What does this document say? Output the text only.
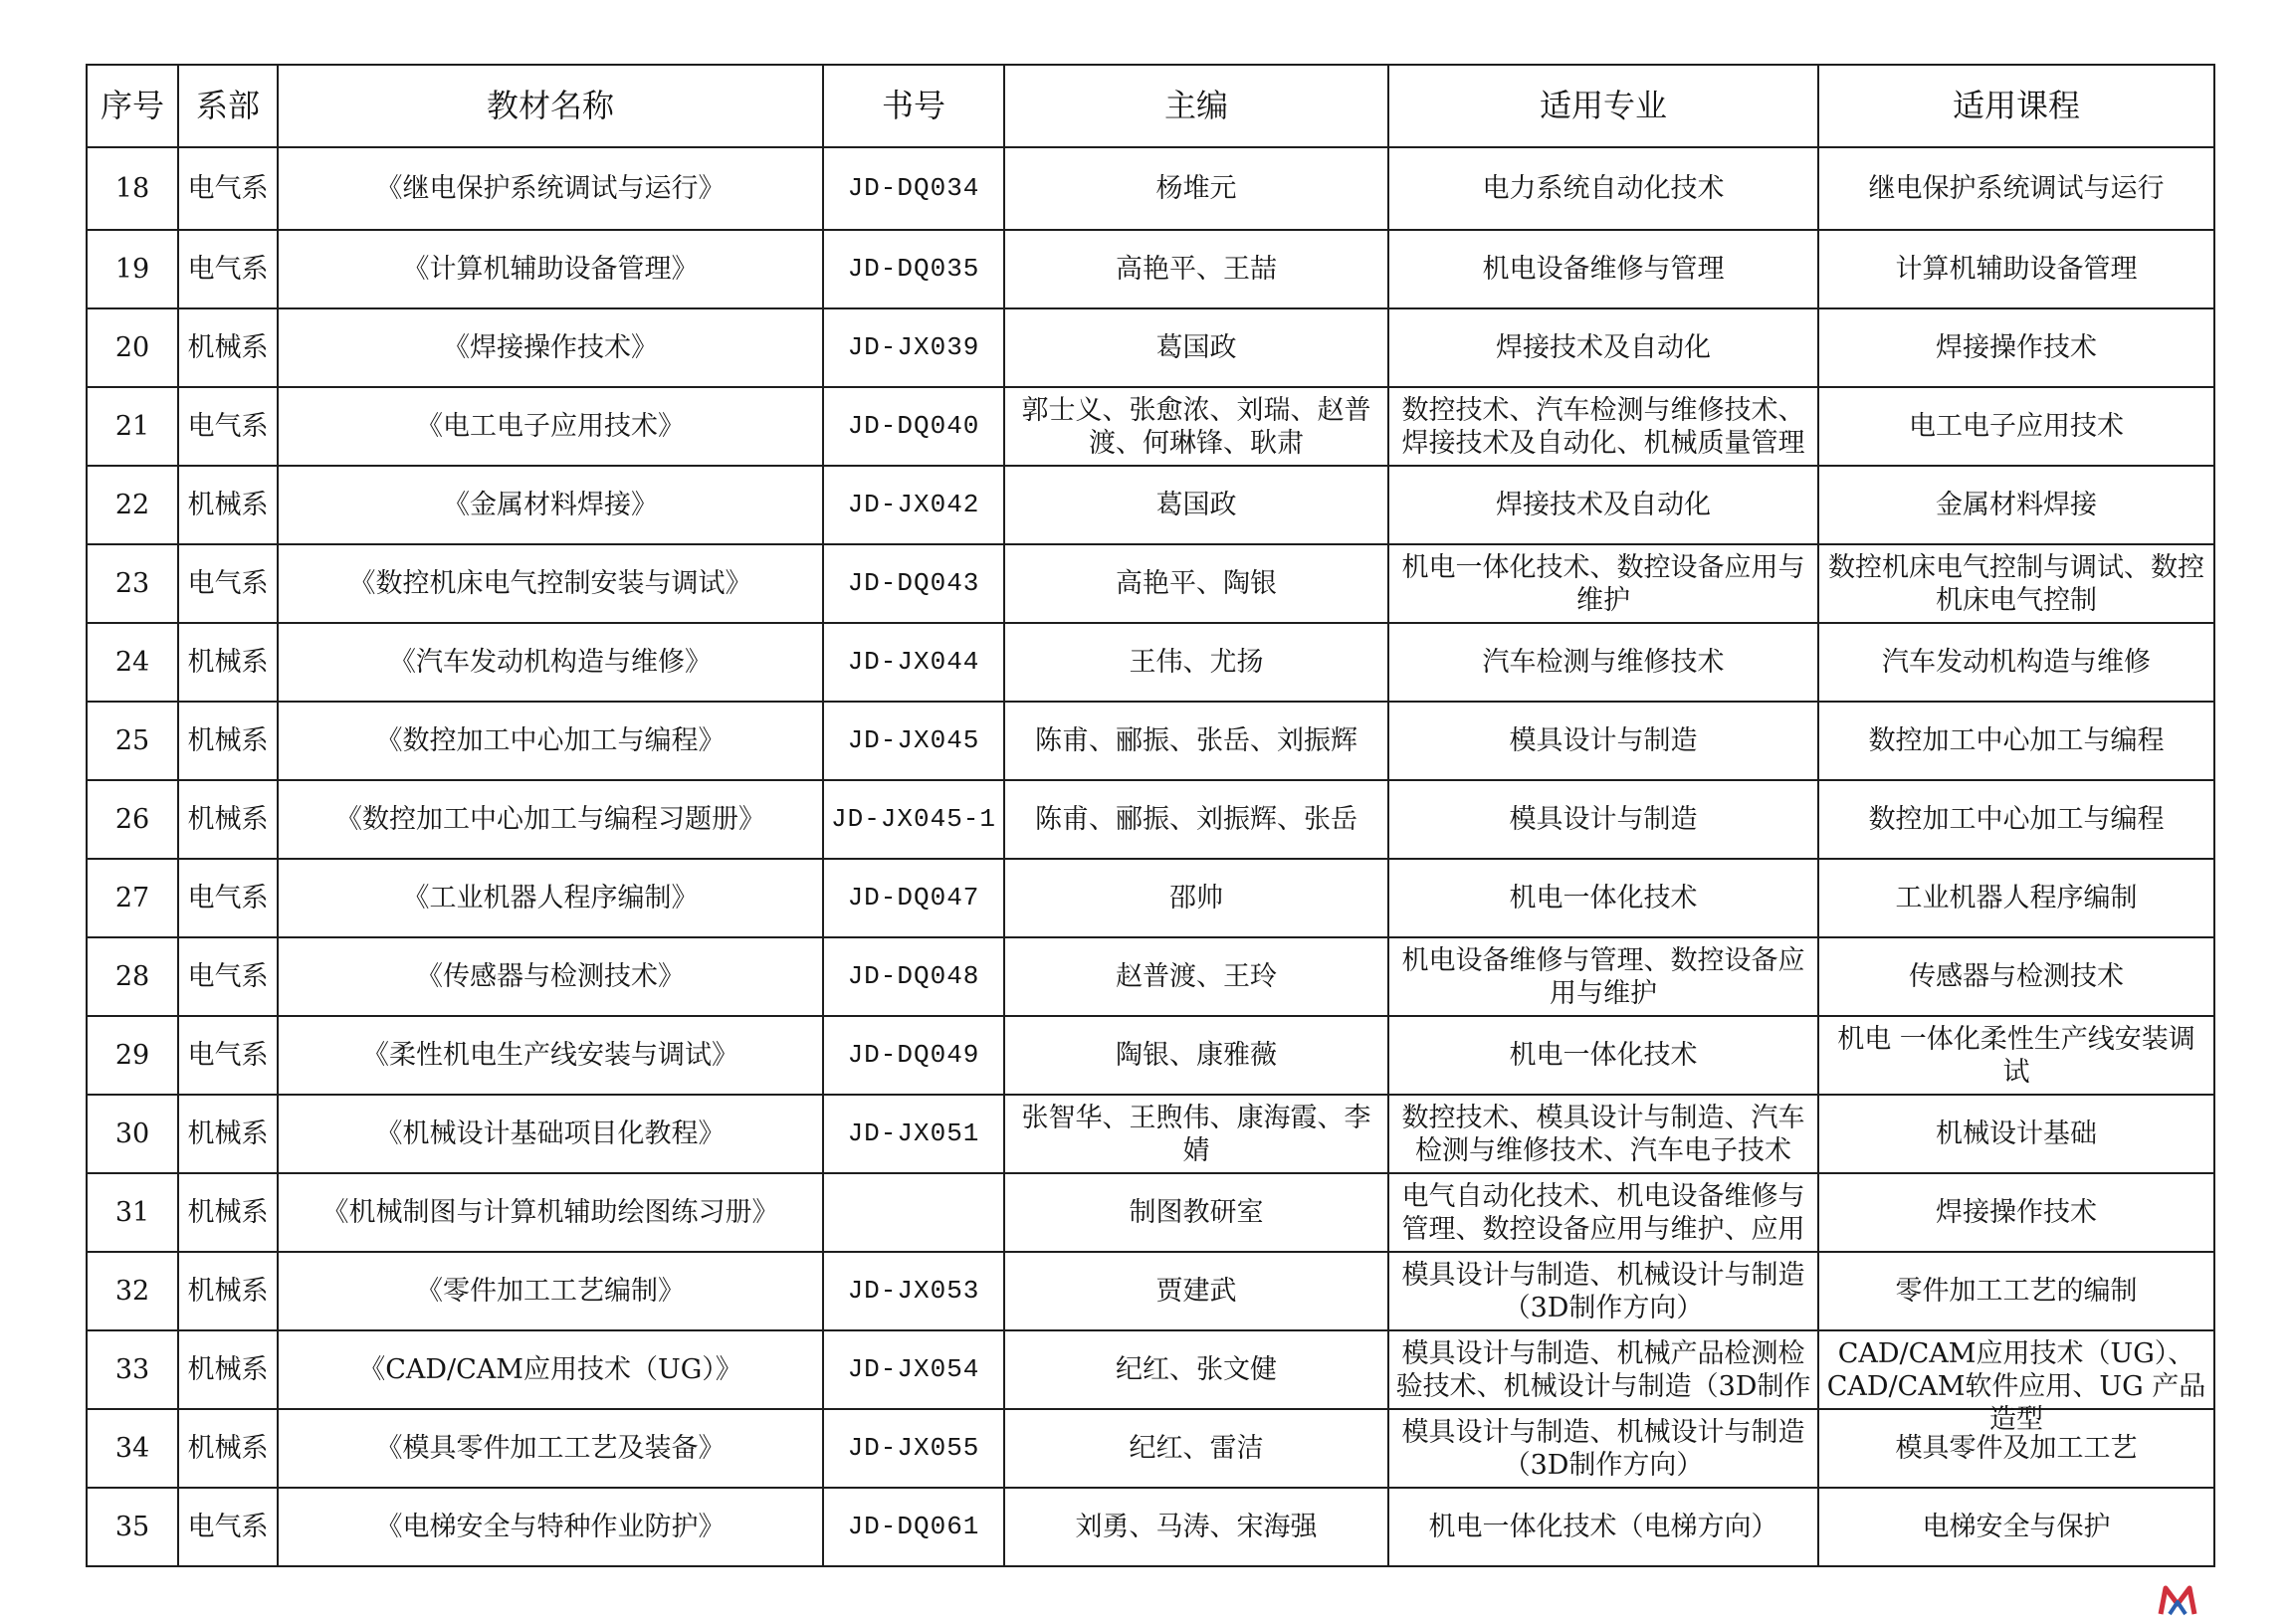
序号	系部	教材名称	书号	主编	适用专业	适用课程

18	电气系	《继电保护系统调试与运行》	JD-DQ034	杨堆元	电力系统自动化技术	继电保护系统调试与运行

19	电气系	《计算机辅助设备管理》	JD-DQ035	高艳平、王喆	机电设备维修与管理	计算机辅助设备管理

20	机械系	《焊接操作技术》	JD-JX039	葛国政	焊接技术及自动化	焊接操作技术

21	电气系	《电工电子应用技术》	JD-DQ040	郭士义、张愈浓、刘瑞、赵普渡、何琳锋、耿肃	数控技术、汽车检测与维修技术、焊接技术及自动化、机械质量管理	电工电子应用技术

22	机械系	《金属材料焊接》	JD-JX042	葛国政	焊接技术及自动化	金属材料焊接

23	电气系	《数控机床电气控制安装与调试》	JD-DQ043	高艳平、陶银	机电一体化技术、数控设备应用与维护	数控机床电气控制与调试、数控机床电气控制

24	机械系	《汽车发动机构造与维修》	JD-JX044	王伟、尤扬	汽车检测与维修技术	汽车发动机构造与维修

25	机械系	《数控加工中心加工与编程》	JD-JX045	陈甫、郦振、张岳、刘振辉	模具设计与制造	数控加工中心加工与编程

26	机械系	《数控加工中心加工与编程习题册》	JD-JX045-1	陈甫、郦振、刘振辉、张岳	模具设计与制造	数控加工中心加工与编程

27	电气系	《工业机器人程序编制》	JD-DQ047	邵帅	机电一体化技术	工业机器人程序编制

28	电气系	《传感器与检测技术》	JD-DQ048	赵普渡、王玲	机电设备维修与管理、数控设备应用与维护	传感器与检测技术

29	电气系	《柔性机电生产线安装与调试》	JD-DQ049	陶银、康雅薇	机电一体化技术	机电 一体化柔性生产线安装调试

30	机械系	《机械设计基础项目化教程》	JD-JX051	张智华、王煦伟、康海霞、李婧	数控技术、模具设计与制造、汽车检测与维修技术、汽车电子技术	机械设计基础

31	机械系	《机械制图与计算机辅助绘图练习册》		制图教研室	电气自动化技术、机电设备维修与管理、数控设备应用与维护、应用	焊接操作技术

32	机械系	《零件加工工艺编制》	JD-JX053	贾建武	模具设计与制造、机械设计与制造（3D制作方向）	零件加工工艺的编制

33	机械系	《CAD/CAM应用技术（UG）》	JD-JX054	纪红、张文健	模具设计与制造、机械产品检测检验技术、机械设计与制造（3D制作	CAD/CAM应用技术（UG）、CAD/CAM软件应用、UG 产品造型

34	机械系	《模具零件加工工艺及装备》	JD-JX055	纪红、雷洁	模具设计与制造、机械设计与制造（3D制作方向）	模具零件及加工工艺

35	电气系	《电梯安全与特种作业防护》	JD-DQ061	刘勇、马涛、宋海强	机电一体化技术（电梯方向）	电梯安全与保护
